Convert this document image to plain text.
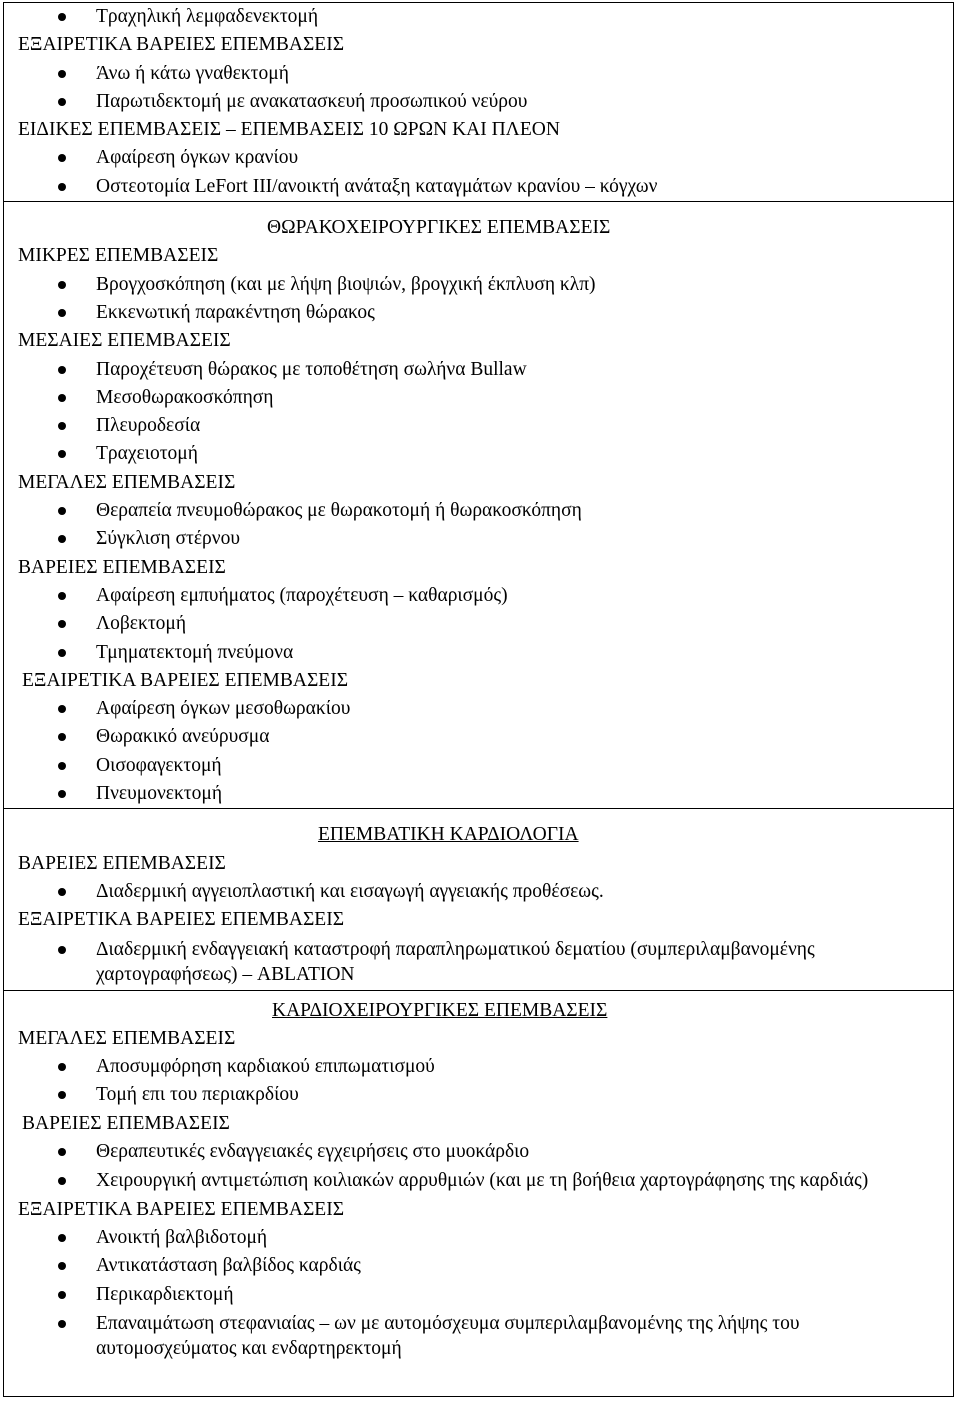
Τραχηλική λεμφαδενεκτομή
ΕΞΑΙΡΕΤΙΚΑ ΒΑΡΕΙΕΣ ΕΠΕΜΒΑΣΕΙΣ
Άνω ή κάτω γναθεκτομή
Παρωτιδεκτομή με ανακατασκευή προσωπικού νεύρου
ΕΙΔΙΚΕΣ ΕΠΕΜΒΑΣΕΙΣ – ΕΠΕΜΒΑΣΕΙΣ 10 ΩΡΩΝ ΚΑΙ ΠΛΕΟΝ
Αφαίρεση όγκων κρανίου
Οστεοτομία LeFort III/ανοικτή ανάταξη καταγμάτων κρανίου – κόγχων
ΘΩΡΑΚΟΧΕΙΡΟΥΡΓΙΚΕΣ ΕΠΕΜΒΑΣΕΙΣ
ΜΙΚΡΕΣ ΕΠΕΜΒΑΣΕΙΣ
Βρογχοσκόπηση (και με λήψη βιοψιών, βρογχική έκπλυση κλπ)
Εκκενωτική παρακέντηση θώρακος
ΜΕΣΑΙΕΣ ΕΠΕΜΒΑΣΕΙΣ
Παροχέτευση θώρακος με τοποθέτηση σωλήνα Bullaw
Μεσοθωρακοσκόπηση
Πλευροδεσία
Τραχειοτομή
ΜΕΓΑΛΕΣ ΕΠΕΜΒΑΣΕΙΣ
Θεραπεία πνευμοθώρακος με θωρακοτομή ή θωρακοσκόπηση
Σύγκλιση στέρνου
ΒΑΡΕΙΕΣ ΕΠΕΜΒΑΣΕΙΣ
Αφαίρεση εμπυήματος (παροχέτευση – καθαρισμός)
Λοβεκτομή
Τμηματεκτομή πνεύμονα
ΕΞΑΙΡΕΤΙΚΑ ΒΑΡΕΙΕΣ ΕΠΕΜΒΑΣΕΙΣ
Αφαίρεση όγκων μεσοθωρακίου
Θωρακικό ανεύρυσμα
Οισοφαγεκτομή
Πνευμονεκτομή
ΕΠΕΜΒΑΤΙΚΗ ΚΑΡΔΙΟΛΟΓΙΑ
ΒΑΡΕΙΕΣ ΕΠΕΜΒΑΣΕΙΣ
Διαδερμική αγγειοπλαστική και εισαγωγή αγγειακής προθέσεως.
ΕΞΑΙΡΕΤΙΚΑ ΒΑΡΕΙΕΣ ΕΠΕΜΒΑΣΕΙΣ
Διαδερμική ενδαγγειακή καταστροφή παραπληρωματικού δεματίου (συμπεριλαμβανομένης χαρτογραφήσεως) – ABLATION
ΚΑΡΔΙΟΧΕΙΡΟΥΡΓΙΚΕΣ ΕΠΕΜΒΑΣΕΙΣ
ΜΕΓΑΛΕΣ ΕΠΕΜΒΑΣΕΙΣ
Αποσυμφόρηση καρδιακού επιπωματισμού
Τομή επι του περιακρδίου
ΒΑΡΕΙΕΣ ΕΠΕΜΒΑΣΕΙΣ
Θεραπευτικές ενδαγγειακές εγχειρήσεις στο μυοκάρδιο
Χειρουργική αντιμετώπιση κοιλιακών αρρυθμιών (και με τη βοήθεια χαρτογράφησης της καρδιάς)
ΕΞΑΙΡΕΤΙΚΑ ΒΑΡΕΙΕΣ ΕΠΕΜΒΑΣΕΙΣ
Ανοικτή βαλβιδοτομή
Αντικατάσταση βαλβίδος καρδιάς
Περικαρδιεκτομή
Επαναιμάτωση στεφανιαίας – ων με αυτομόσχευμα συμπεριλαμβανομένης της λήψης του αυτομοσχεύματος και ενδαρτηρεκτομή
